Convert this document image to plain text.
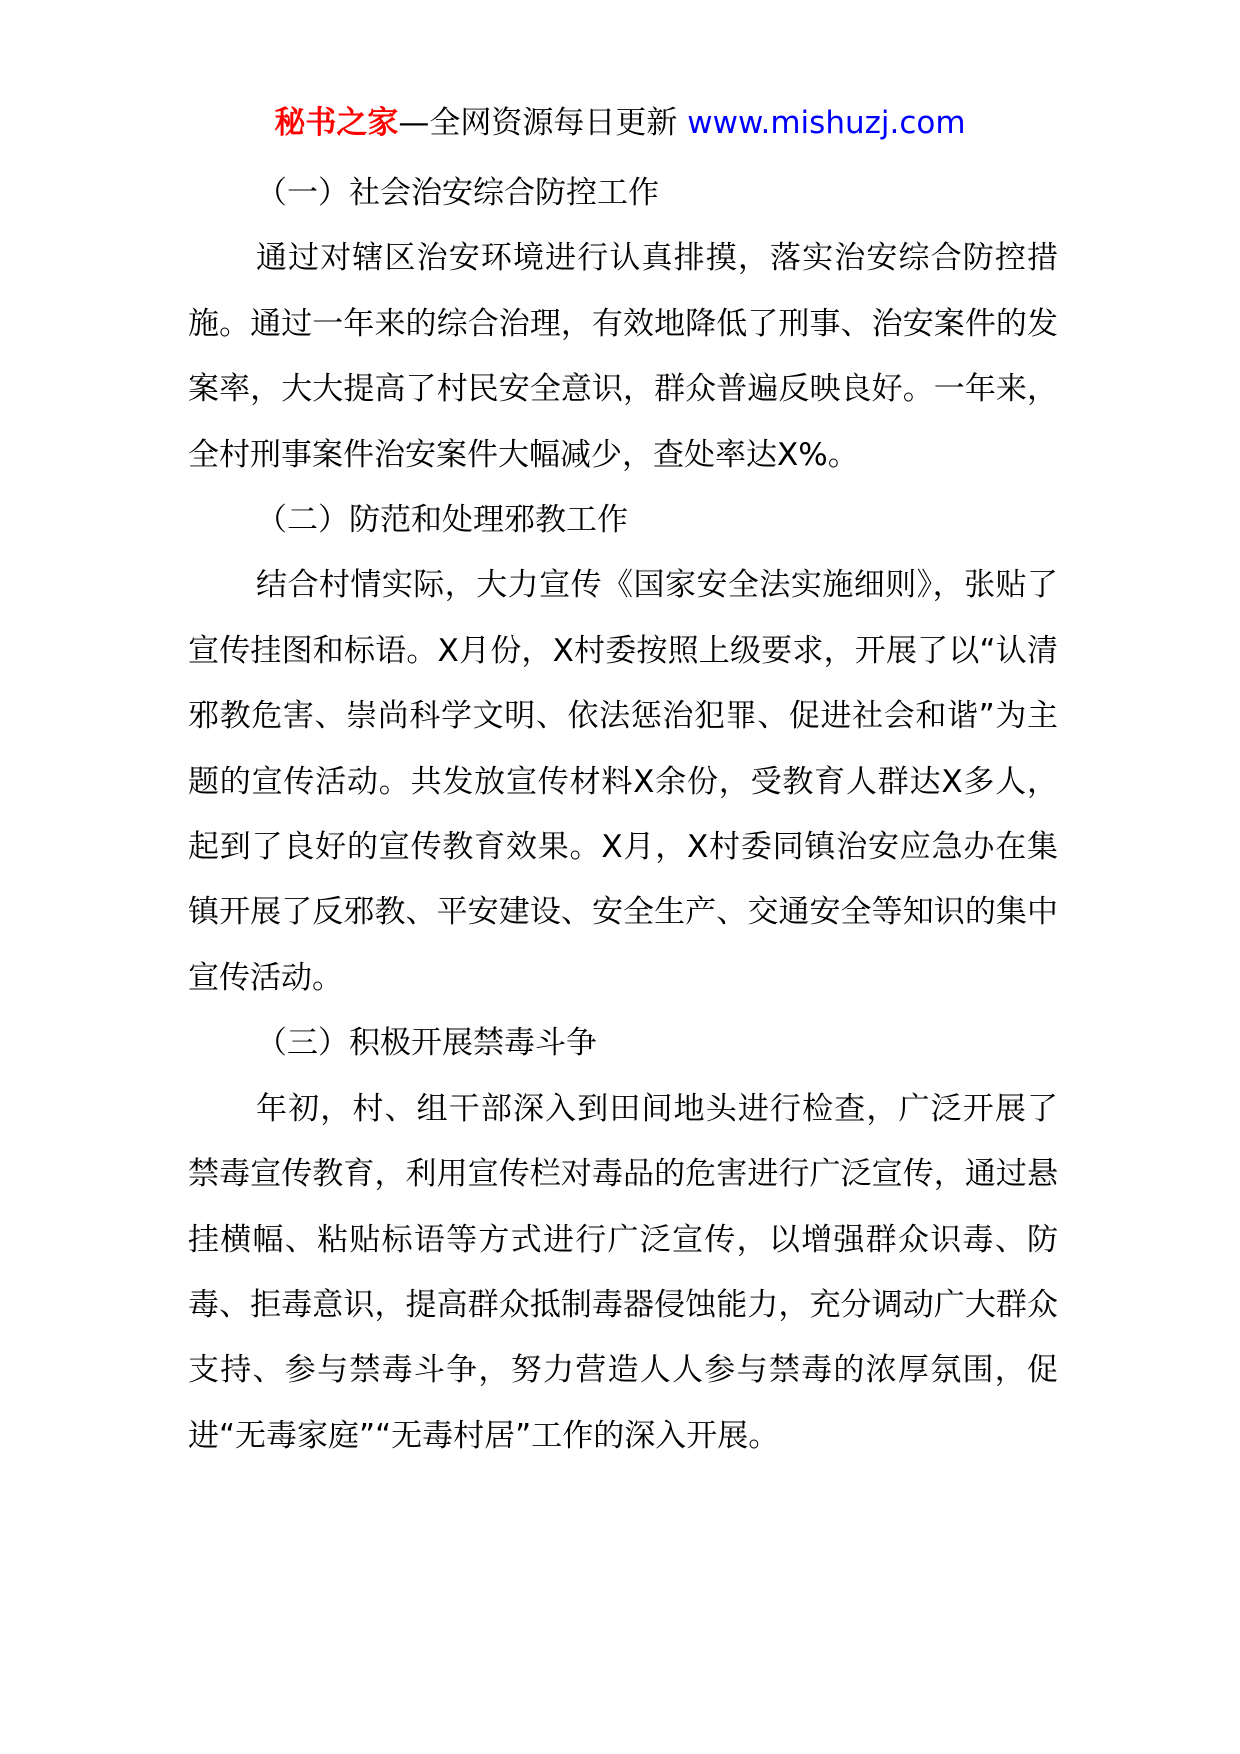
秘书之家—全网资源每日更新 www.mishuzj.com

（一）社会治安综合防控工作

通过对辖区治安环境进行认真排摸，落实治安综合防控措施。通过一年来的综合治理，有效地降低了刑事、治安案件的发案率，大大提高了村民安全意识，群众普遍反映良好。一年来，全村刑事案件治安案件大幅减少，查处率达X%。

（二）防范和处理邪教工作

结合村情实际，大力宣传《国家安全法实施细则》，张贴了宣传挂图和标语。X月份，X村委按照上级要求，开展了以“认清邪教危害、崇尚科学文明、依法惩治犯罪、促进社会和谐”为主题的宣传活动。共发放宣传材料X余份，受教育人群达X多人，起到了良好的宣传教育效果。X月，X村委同镇治安应急办在集镇开展了反邪教、平安建设、安全生产、交通安全等知识的集中宣传活动。

（三）积极开展禁毒斗争

年初，村、组干部深入到田间地头进行检查，广泛开展了禁毒宣传教育，利用宣传栏对毒品的危害进行广泛宣传，通过悬挂横幅、粘贴标语等方式进行广泛宣传，以增强群众识毒、防毒、拒毒意识，提高群众抵制毒器侵蚀能力，充分调动广大群众支持、参与禁毒斗争，努力营造人人参与禁毒的浓厚氛围，促进“无毒家庭”“无毒村居”工作的深入开展。
